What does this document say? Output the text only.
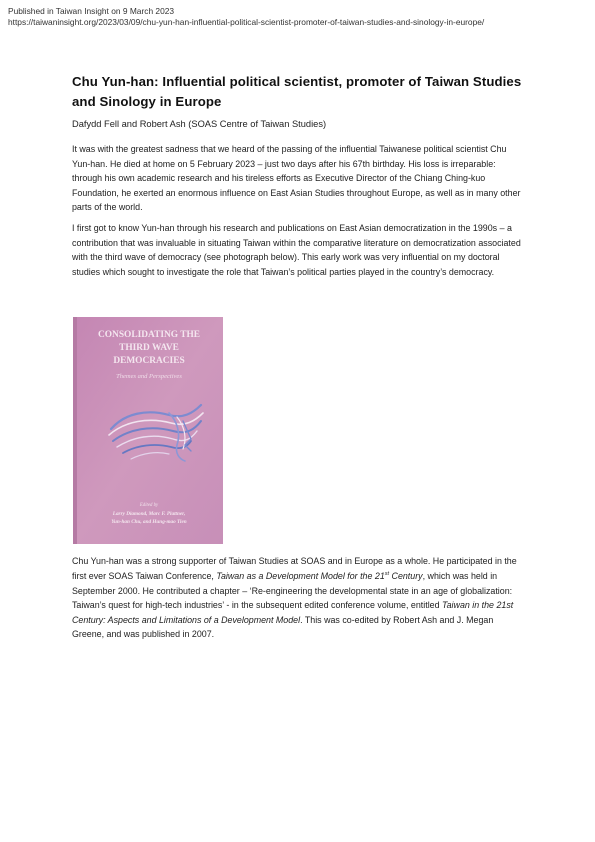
Published in Taiwan Insight on 9 March 2023
https://taiwaninsight.org/2023/03/09/chu-yun-han-influential-political-scientist-promoter-of-taiwan-studies-and-sinology-in-europe/
Chu Yun-han: Influential political scientist, promoter of Taiwan Studies and Sinology in Europe
Dafydd Fell and Robert Ash (SOAS Centre of Taiwan Studies)

It was with the greatest sadness that we heard of the passing of the influential Taiwanese political scientist Chu Yun-han. He died at home on 5 February 2023 – just two days after his 67th birthday. His loss is irreparable: through his own academic research and his tireless efforts as Executive Director of the Chiang Ching-kuo Foundation, he exerted an enormous influence on East Asian Studies throughout Europe, as well as in many other parts of the world.

I first got to know Yun-han through his research and publications on East Asian democratization in the 1990s – a contribution that was invaluable in situating Taiwan within the comparative literature on democratization associated with the third wave of democracy (see photograph below). This early work was very influential on my doctoral studies which sought to investigate the role that Taiwan’s political parties played in the country’s democracy.

CONSOLIDATING THE
THIRD WAVE
DEMOCRACIES
Themes and Perspectives
Edited by
Larry Diamond, Marc F. Plattner,
Yun-han Chu, and Hung-mao Tien

Chu Yun-han was a strong supporter of Taiwan Studies at SOAS and in Europe as a whole. He participated in the first ever SOAS Taiwan Conference, Taiwan as a Development Model for the 21st Century, which was held in September 2000. He contributed a chapter – ‘Re-engineering the developmental state in an age of globalization: Taiwan’s quest for high-tech industries’ - in the subsequent edited conference volume, entitled Taiwan in the 21st Century: Aspects and Limitations of a Development Model. This was co-edited by Robert Ash and J. Megan Greene, and was published in 2007.
